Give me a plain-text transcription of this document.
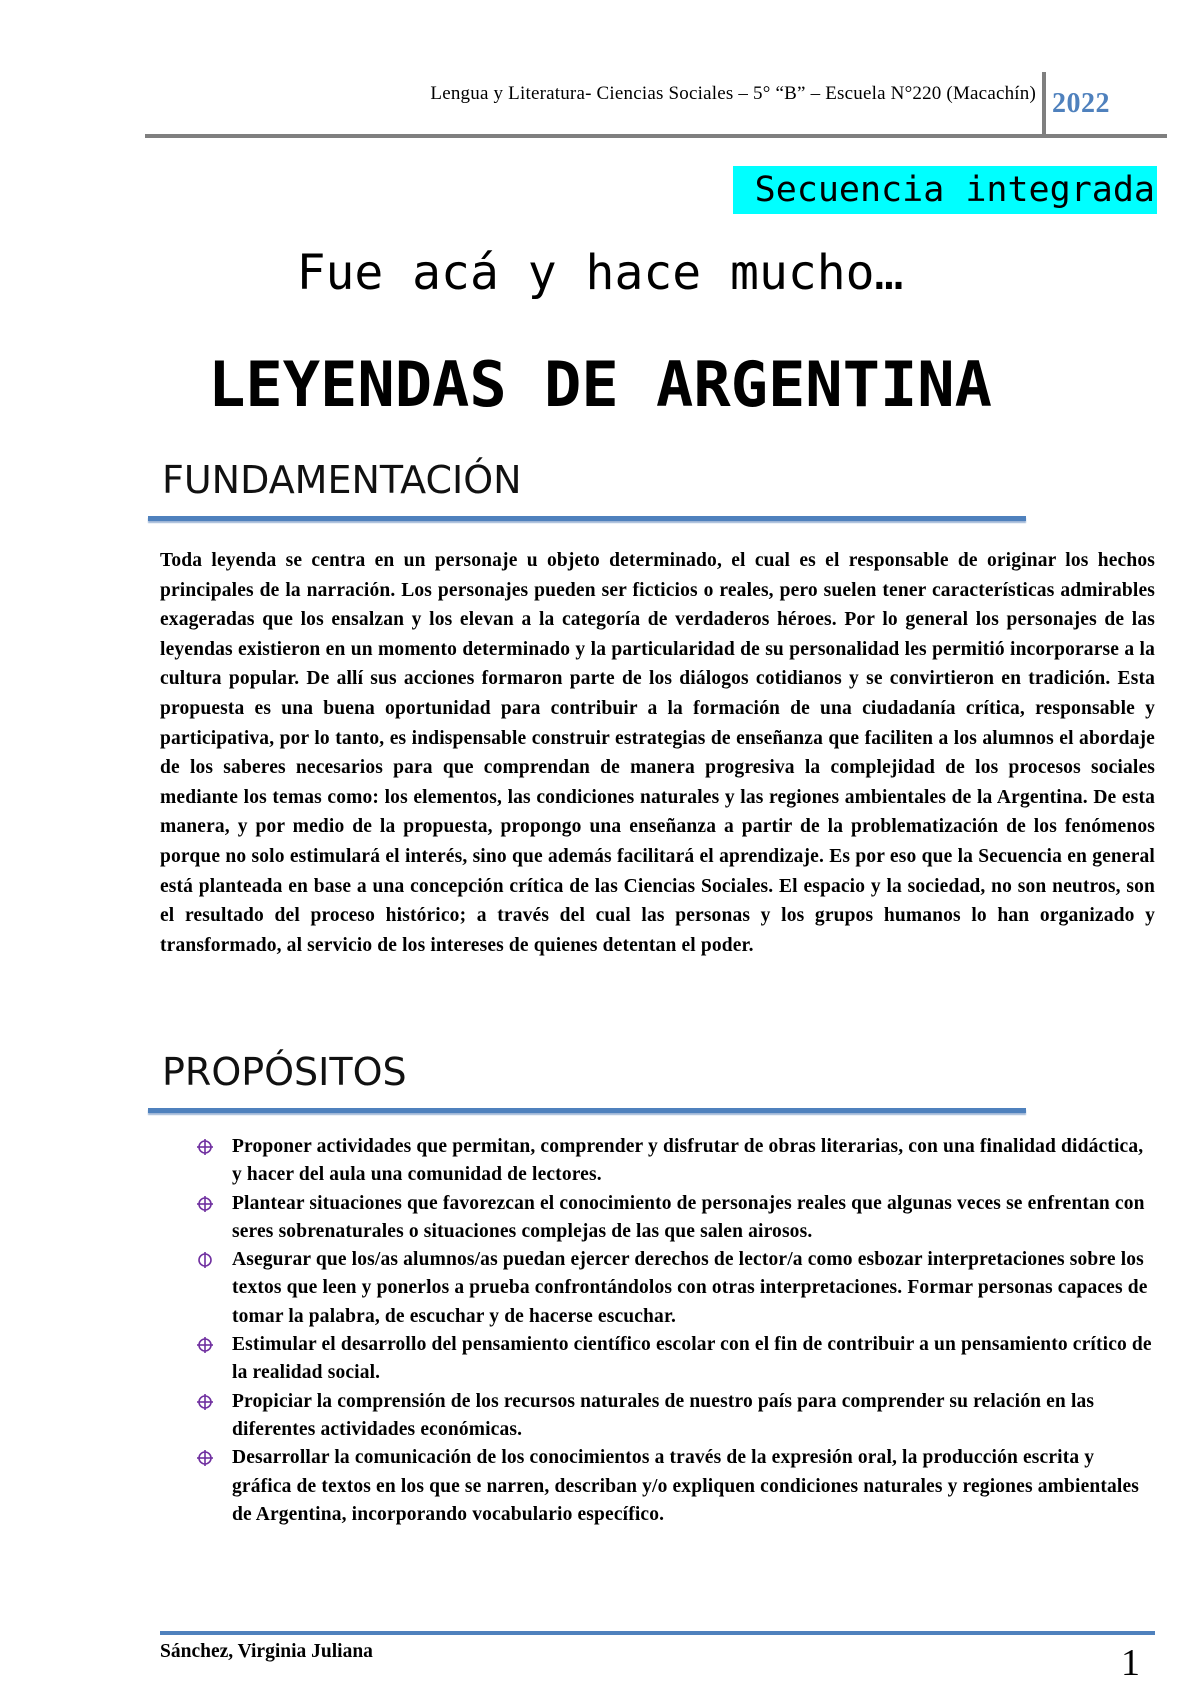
Lengua y Literatura- Ciencias Sociales – 5° “B” – Escuela N°220 (Macachín) 2022
Secuencia integrada
Fue acá y hace mucho…
LEYENDAS DE ARGENTINA
FUNDAMENTACIÓN

Toda leyenda se centra en un personaje u objeto determinado, el cual es el responsable de originar los hechos principales de la narración. Los personajes pueden ser ficticios o reales, pero suelen tener características admirables exageradas que los ensalzan y los elevan a la categoría de verdaderos héroes. Por lo general los personajes de las leyendas existieron en un momento determinado y la particularidad de su personalidad les permitió incorporarse a la cultura popular. De allí sus acciones formaron parte de los diálogos cotidianos y se convirtieron en tradición. Esta propuesta es una buena oportunidad para contribuir a la formación de una ciudadanía crítica, responsable y participativa, por lo tanto, es indispensable construir estrategias de enseñanza que faciliten a los alumnos el abordaje de los saberes necesarios para que comprendan de manera progresiva la complejidad de los procesos sociales mediante los temas como: los elementos, las condiciones naturales y las regiones ambientales de la Argentina. De esta manera, y por medio de la propuesta, propongo una enseñanza a partir de la problematización de los fenómenos porque no solo estimulará el interés, sino que además facilitará el aprendizaje. Es por eso que la Secuencia en general está planteada en base a una concepción crítica de las Ciencias Sociales. El espacio y la sociedad, no son neutros, son el resultado del proceso histórico; a través del cual las personas y los grupos humanos lo han organizado y transformado, al servicio de los intereses de quienes detentan el poder.

PROPÓSITOS
Proponer actividades que permitan, comprender y disfrutar de obras literarias, con una finalidad didáctica, y hacer del aula una comunidad de lectores.
Plantear situaciones que favorezcan el conocimiento de personajes reales que algunas veces se enfrentan con seres sobrenaturales o situaciones complejas de las que salen airosos.
Asegurar que los/as alumnos/as puedan ejercer derechos de lector/a como esbozar interpretaciones sobre los textos que leen y ponerlos a prueba confrontándolos con otras interpretaciones. Formar personas capaces de tomar la palabra, de escuchar y de hacerse escuchar.
Estimular el desarrollo del pensamiento científico escolar con el fin de contribuir a un pensamiento crítico de la realidad social.
Propiciar la comprensión de los recursos naturales de nuestro país para comprender su relación en las diferentes actividades económicas.
Desarrollar la comunicación de los conocimientos a través de la expresión oral, la producción escrita y gráfica de textos en los que se narren, describan y/o expliquen condiciones naturales y regiones ambientales de Argentina, incorporando vocabulario específico.
Sánchez, Virginia Juliana	1
